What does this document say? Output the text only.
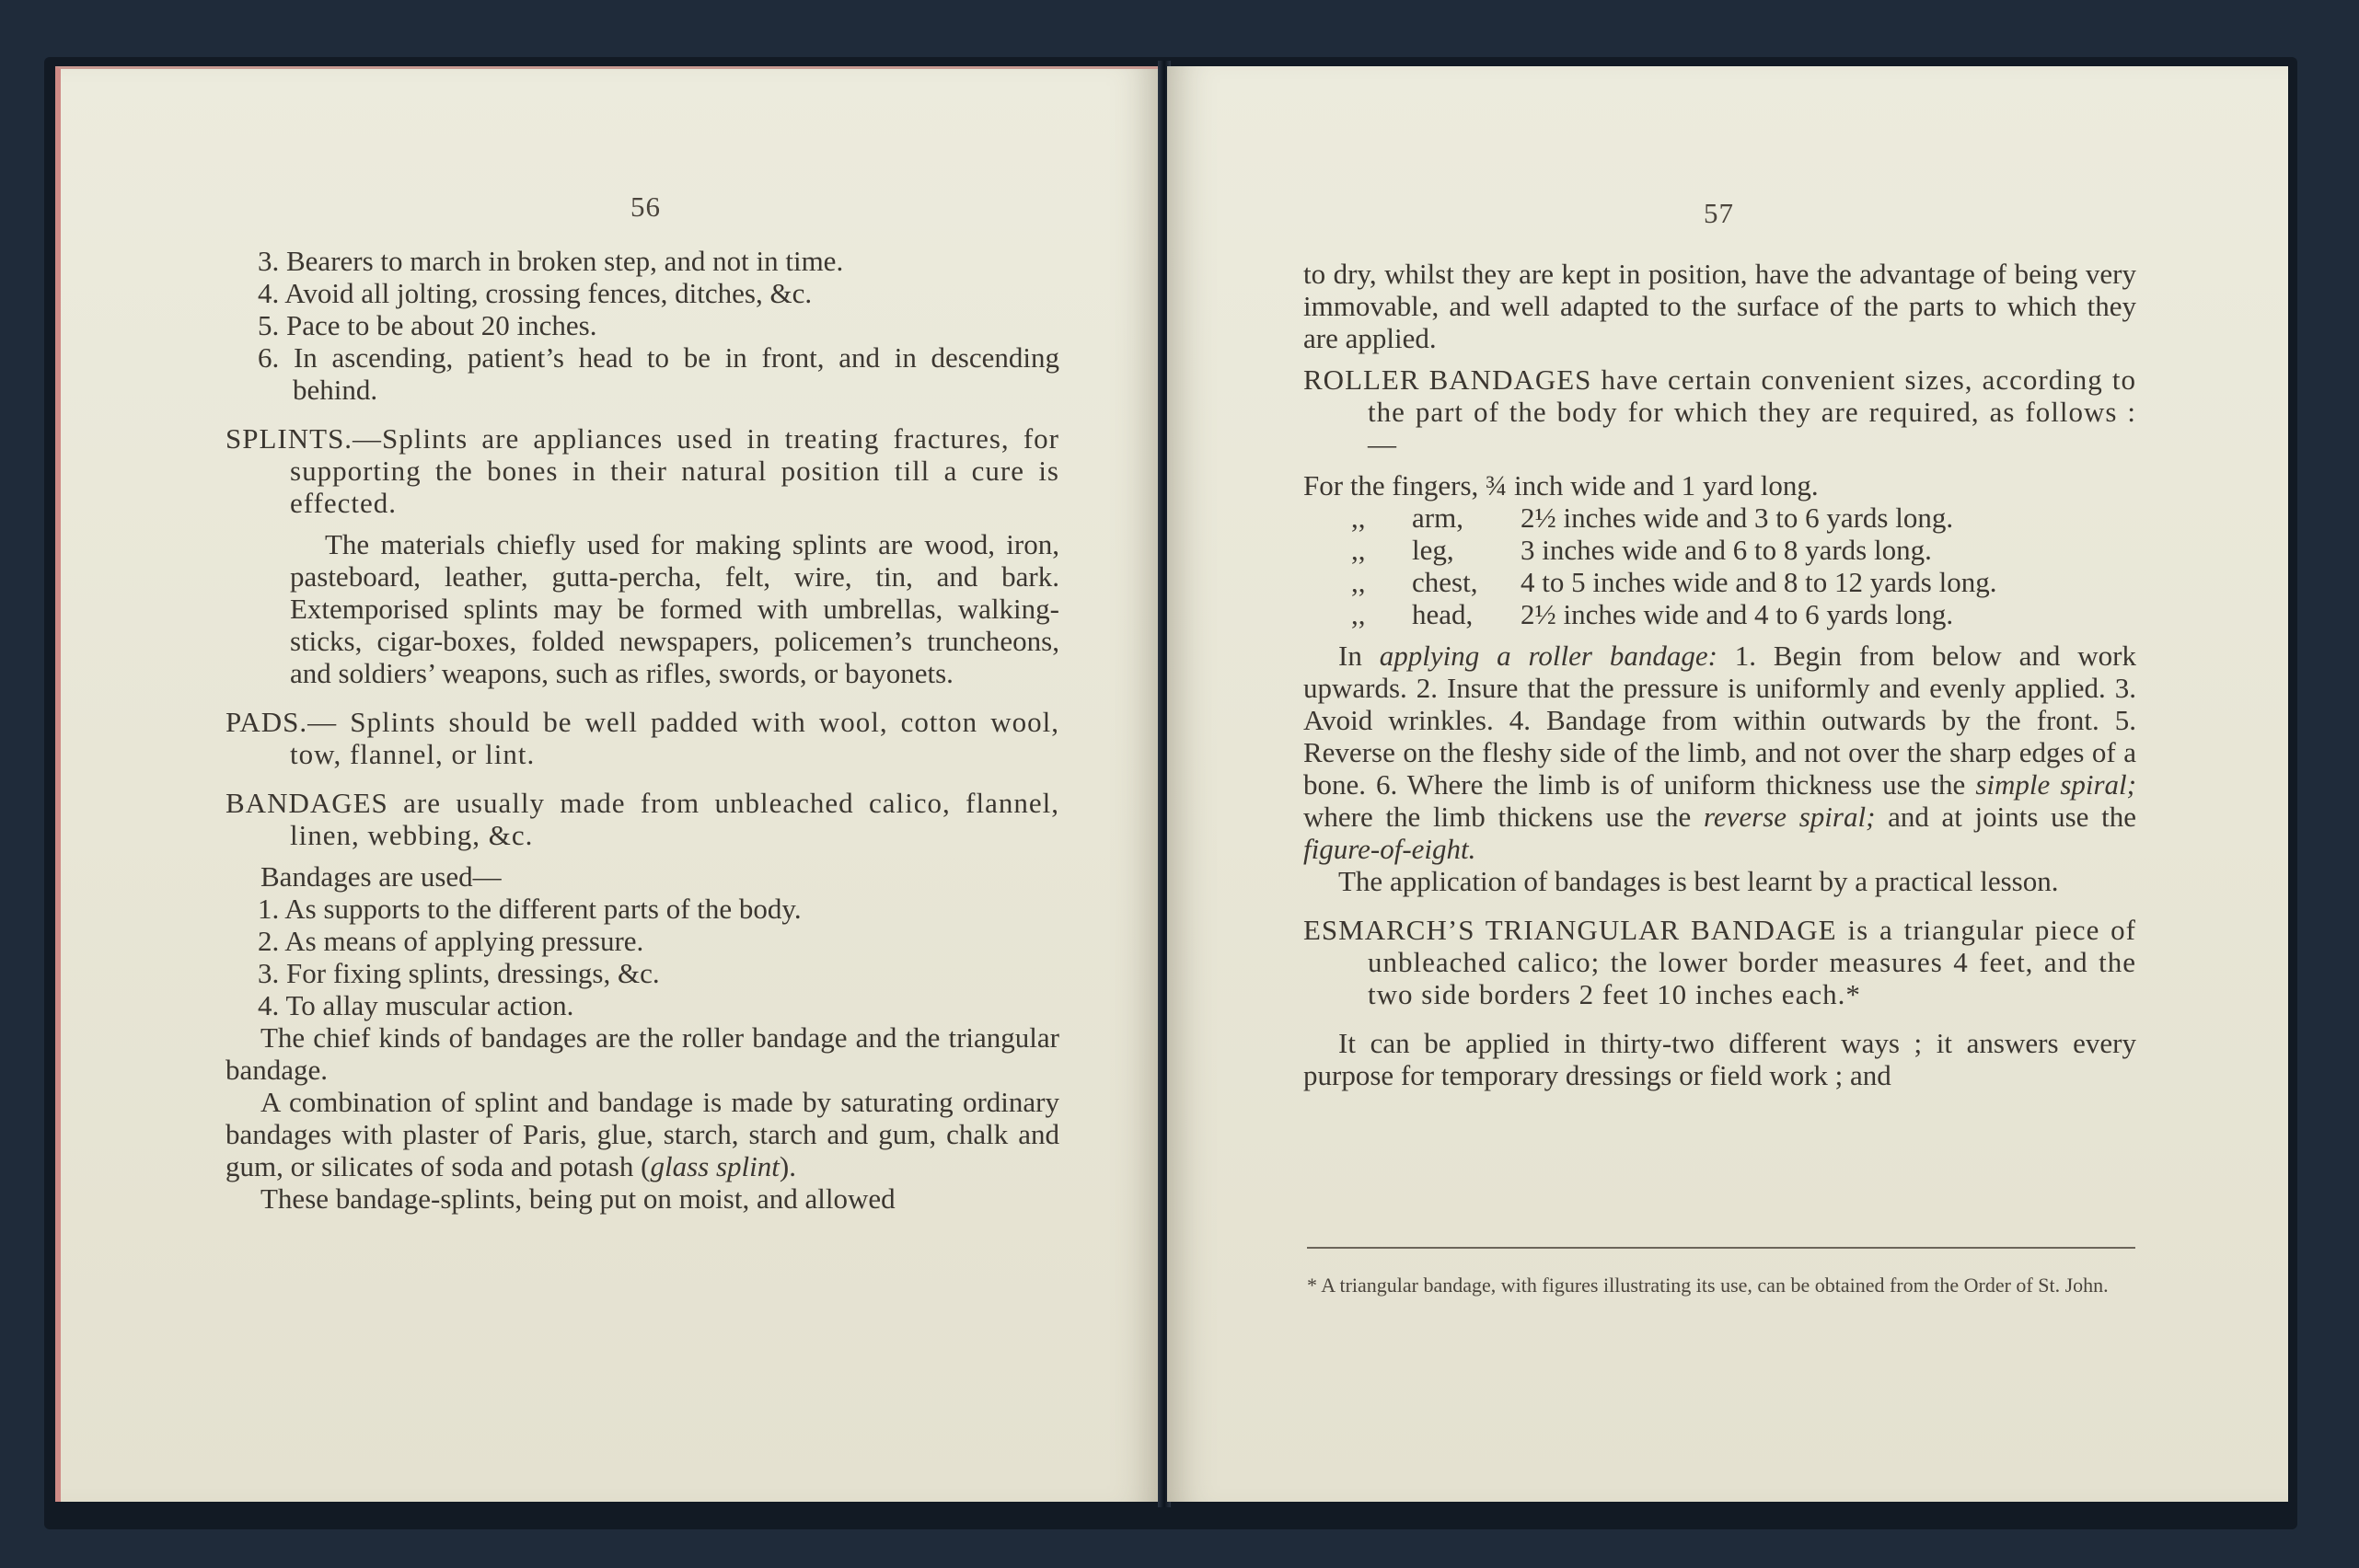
56
3. Bearers to march in broken step, and not in time.
4. Avoid all jolting, crossing fences, ditches, &c.
5. Pace to be about 20 inches.
6. In ascending, patient’s head to be in front, and in descending behind.

SPLINTS.—Splints are appliances used in treating fractures, for supporting the bones in their natural position till a cure is effected.

The materials chiefly used for making splints are wood, iron, pasteboard, leather, gutta-percha, felt, wire, tin, and bark. Extemporised splints may be formed with umbrellas, walking-sticks, cigar-boxes, folded newspapers, policemen’s truncheons, and soldiers’ weapons, such as rifles, swords, or bayonets.

PADS.— Splints should be well padded with wool, cotton wool, tow, flannel, or lint.

BANDAGES are usually made from unbleached calico, flannel, linen, webbing, &c.

Bandages are used—

1. As supports to the different parts of the body.
2. As means of applying pressure.
3. For fixing splints, dressings, &c.
4. To allay muscular action.

The chief kinds of bandages are the roller bandage and the triangular bandage.

A combination of splint and bandage is made by saturating ordinary bandages with plaster of Paris, glue, starch, starch and gum, chalk and gum, or silicates of soda and potash (glass splint).

These bandage-splints, being put on moist, and allowed

57

to dry, whilst they are kept in position, have the advantage of being very immovable, and well adapted to the surface of the parts to which they are applied.

ROLLER BANDAGES have certain convenient sizes, according to the part of the body for which they are required, as follows :—

For the fingers, ¾ inch wide and 1 yard long.
,,	arm,	2½ inches wide and 3 to 6 yards long.
,,	leg,	3 inches wide and 6 to 8 yards long.
,,	chest,	4 to 5 inches wide and 8 to 12 yards long.
,,	head,	2½ inches wide and 4 to 6 yards long.

In applying a roller bandage: 1. Begin from below and work upwards. 2. Insure that the pressure is uniformly and evenly applied. 3. Avoid wrinkles. 4. Bandage from within outwards by the front. 5. Reverse on the fleshy side of the limb, and not over the sharp edges of a bone. 6. Where the limb is of uniform thickness use the simple spiral; where the limb thickens use the reverse spiral; and at joints use the figure-of-eight.

The application of bandages is best learnt by a practical lesson.

ESMARCH’S TRIANGULAR BANDAGE is a triangular piece of unbleached calico; the lower border measures 4 feet, and the two side borders 2 feet 10 inches each.*

It can be applied in thirty-two different ways ; it answers every purpose for temporary dressings or field work ; and

* A triangular bandage, with figures illustrating its use, can be obtained from the Order of St. John.
